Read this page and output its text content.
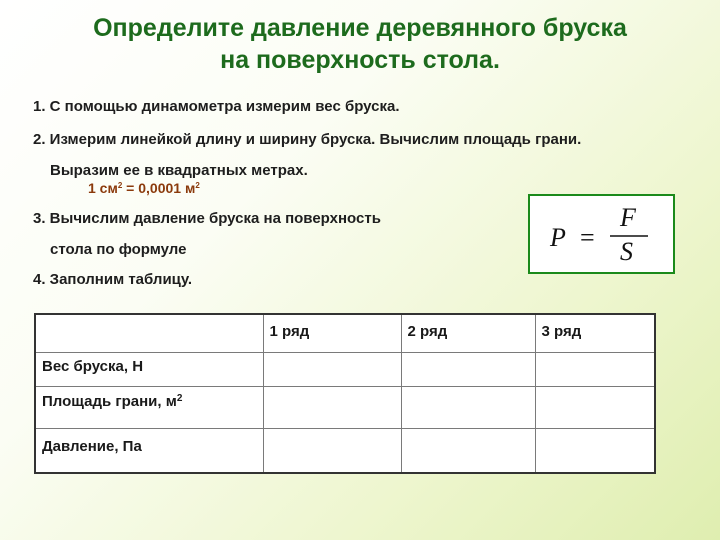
Определите давление деревянного бруска
на поверхность стола.
1. С помощью динамометра измерим вес бруска.
2. Измерим линейкой длину и ширину бруска. Вычислим площадь грани.
Выразим ее в квадратных метрах.
1 $см^2 = 0,0001$ $м^2$
3. Вычислим давление бруска на поверхность
стола по формуле
4. Заполним таблицу.
P =
F
S
	1 ряд	2 ряд	3 ряд
Вес бруска, Н			
Площадь грани, $м^2$			
Давление, Па			
